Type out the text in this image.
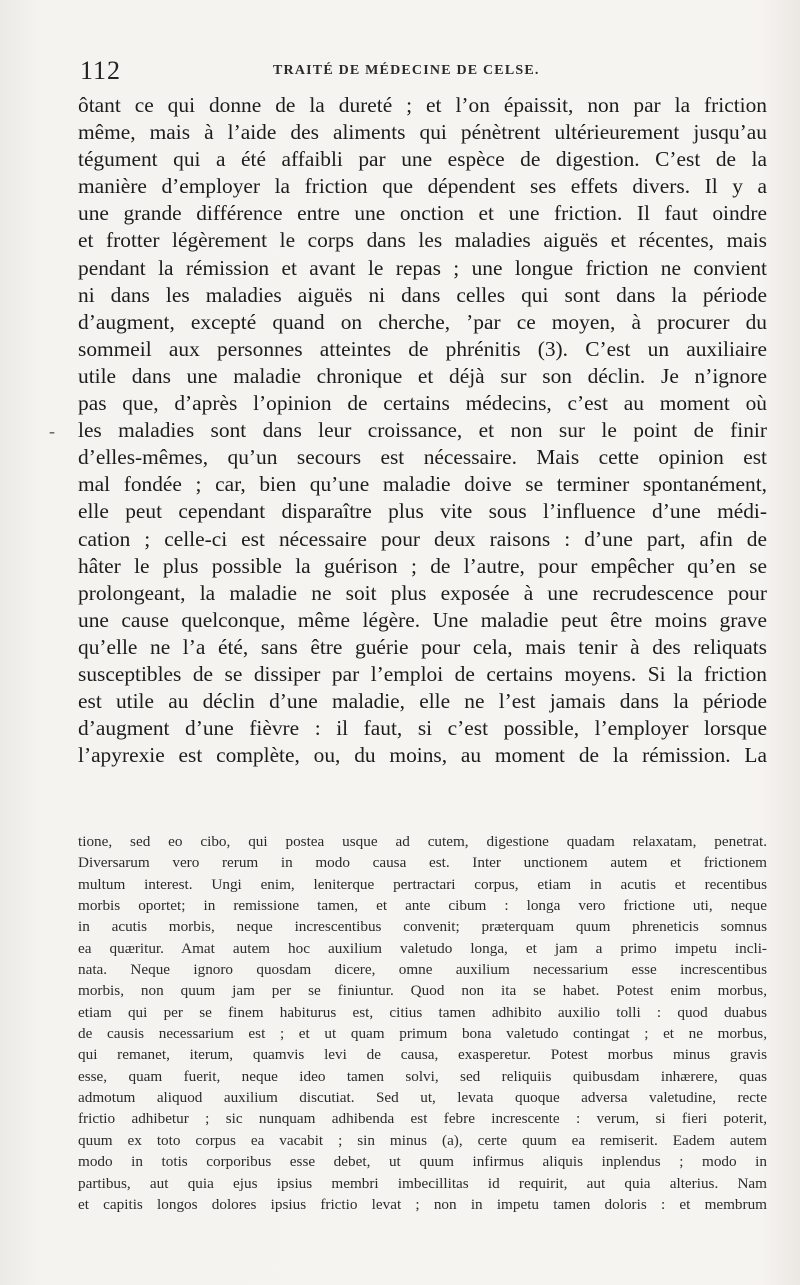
112	TRAITÉ DE MÉDECINE DE CELSE.
-
ôtant ce qui donne de la dureté ; et l’on épaissit, non par la friction
même, mais à l’aide des aliments qui pénètrent ultérieurement jusqu’au
tégument qui a été affaibli par une espèce de digestion. C’est de la
manière d’employer la friction que dépendent ses effets divers. Il y a
une grande différence entre une onction et une friction. Il faut oindre
et frotter légèrement le corps dans les maladies aiguës et récentes, mais
pendant la rémission et avant le repas ; une longue friction ne convient
ni dans les maladies aiguës ni dans celles qui sont dans la période
d’augment, excepté quand on cherche, ’par ce moyen, à procurer du
sommeil aux personnes atteintes de phrénitis (3). C’est un auxiliaire
utile dans une maladie chronique et déjà sur son déclin. Je n’ignore
pas que, d’après l’opinion de certains médecins, c’est au moment où
les maladies sont dans leur croissance, et non sur le point de finir
d’elles-mêmes, qu’un secours est nécessaire. Mais cette opinion est
mal fondée ; car, bien qu’une maladie doive se terminer spontanément,
elle peut cependant disparaître plus vite sous l’influence d’une médi-
cation ; celle-ci est nécessaire pour deux raisons : d’une part, afin de
hâter le plus possible la guérison ; de l’autre, pour empêcher qu’en se
prolongeant, la maladie ne soit plus exposée à une recrudescence pour
une cause quelconque, même légère. Une maladie peut être moins grave
qu’elle ne l’a été, sans être guérie pour cela, mais tenir à des reliquats
susceptibles de se dissiper par l’emploi de certains moyens. Si la friction
est utile au déclin d’une maladie, elle ne l’est jamais dans la période
d’augment d’une fièvre : il faut, si c’est possible, l’employer lorsque
l’apyrexie est complète, ou, du moins, au moment de la rémission. La
tione, sed eo cibo, qui postea usque ad cutem, digestione quadam relaxatam, penetrat.
Diversarum vero rerum in modo causa est. Inter unctionem autem et frictionem
multum interest. Ungi enim, leniterque pertractari corpus, etiam in acutis et recentibus
morbis oportet; in remissione tamen, et ante cibum : longa vero frictione uti, neque
in acutis morbis, neque increscentibus convenit; præterquam quum phreneticis somnus
ea quæritur. Amat autem hoc auxilium valetudo longa, et jam a primo impetu incli-
nata. Neque ignoro quosdam dicere, omne auxilium necessarium esse increscentibus
morbis, non quum jam per se finiuntur. Quod non ita se habet. Potest enim morbus,
etiam qui per se finem habiturus est, citius tamen adhibito auxilio tolli : quod duabus
de causis necessarium est ; et ut quam primum bona valetudo contingat ; et ne morbus,
qui remanet, iterum, quamvis levi de causa, exasperetur. Potest morbus minus gravis
esse, quam fuerit, neque ideo tamen solvi, sed reliquiis quibusdam inhærere, quas
admotum aliquod auxilium discutiat. Sed ut, levata quoque adversa valetudine, recte
frictio adhibetur ; sic nunquam adhibenda est febre increscente : verum, si fieri poterit,
quum ex toto corpus ea vacabit ; sin minus (a), certe quum ea remiserit. Eadem autem
modo in totis corporibus esse debet, ut quum infirmus aliquis inplendus ; modo in
partibus, aut quia ejus ipsius membri imbecillitas id requirit, aut quia alterius. Nam
et capitis longos dolores ipsius frictio levat ; non in impetu tamen doloris : et membrum
